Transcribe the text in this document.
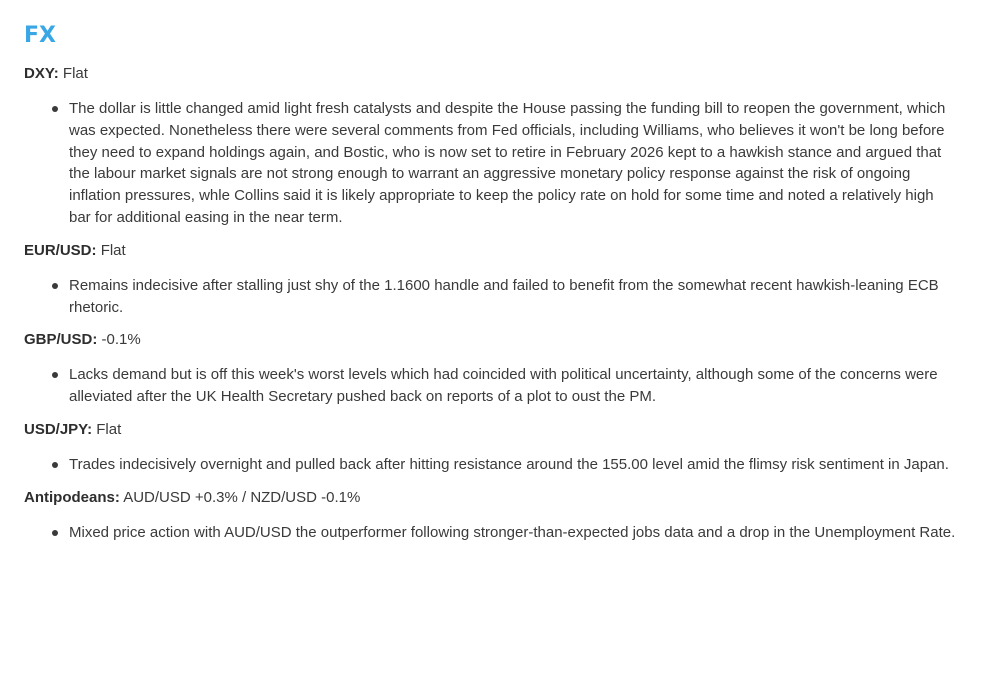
FX

DXY: Flat

The dollar is little changed amid light fresh catalysts and despite the House passing the funding bill to reopen the government, which was expected. Nonetheless there were several comments from Fed officials, including Williams, who believes it won't be long before they need to expand holdings again, and Bostic, who is now set to retire in February 2026 kept to a hawkish stance and argued that the labour market signals are not strong enough to warrant an aggressive monetary policy response against the risk of ongoing inflation pressures, whle Collins said it is likely appropriate to keep the policy rate on hold for some time and noted a relatively high bar for additional easing in the near term.

EUR/USD: Flat

Remains indecisive after stalling just shy of the 1.1600 handle and failed to benefit from the somewhat recent hawkish-leaning ECB rhetoric.

GBP/USD: -0.1%

Lacks demand but is off this week's worst levels which had coincided with political uncertainty, although some of the concerns were alleviated after the UK Health Secretary pushed back on reports of a plot to oust the PM.

USD/JPY: Flat

Trades indecisively overnight and pulled back after hitting resistance around the 155.00 level amid the flimsy risk sentiment in Japan.

Antipodeans: AUD/USD +0.3% / NZD/USD -0.1%

Mixed price action with AUD/USD the outperformer following stronger-than-expected jobs data and a drop in the Unemployment Rate.
